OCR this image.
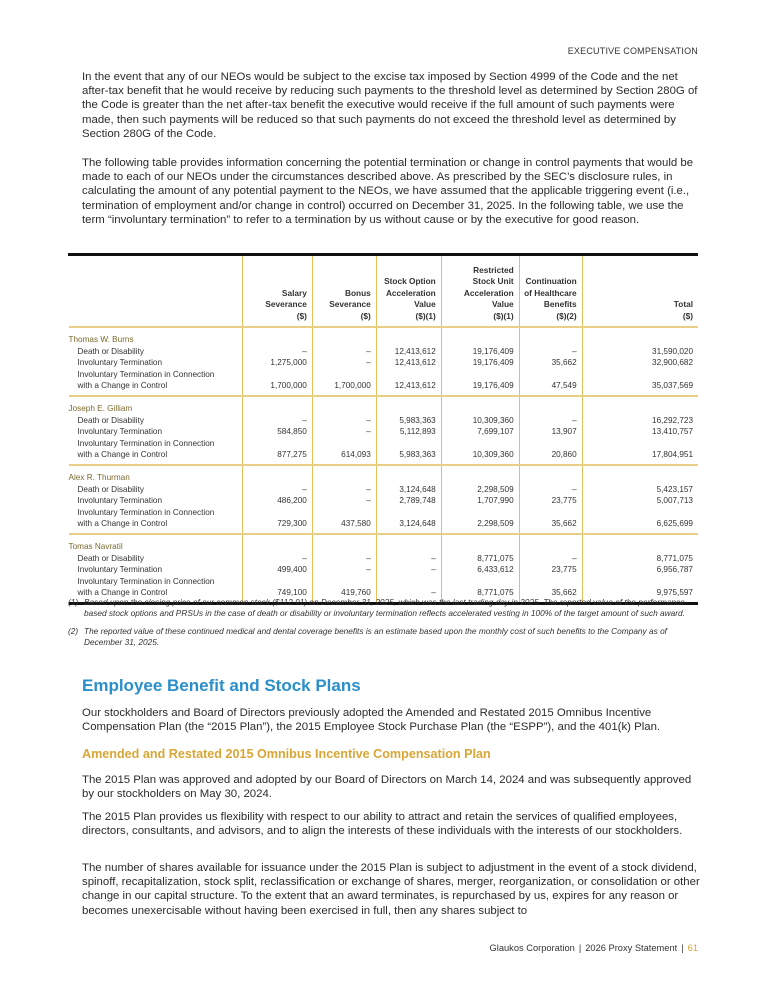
EXECUTIVE COMPENSATION

In the event that any of our NEOs would be subject to the excise tax imposed by Section 4999 of the Code and the net after-tax benefit that he would receive by reducing such payments to the threshold level as determined by Section 280G of the Code is greater than the net after-tax benefit the executive would receive if the full amount of such payments were made, then such payments will be reduced so that such payments do not exceed the threshold level as determined by Section 280G of the Code.

The following table provides information concerning the potential termination or change in control payments that would be made to each of our NEOs under the circumstances described above. As prescribed by the SEC’s disclosure rules, in calculating the amount of any potential payment to the NEOs, we have assumed that the applicable triggering event (i.e., termination of employment and/or change in control) occurred on December 31, 2025. In the following table, we use the term “involuntary termination” to refer to a termination by us without cause or by the executive for good reason.

	Salary
Severance
($)	Bonus
Severance
($)	Stock Option
Acceleration
Value
($)(1)	Restricted
Stock Unit
Acceleration
Value
($)(1)	Continuation
of Healthcare
Benefits
($)(2)	Total
($)
Thomas W. Burns						
Death or Disability	–	–	12,413,612	19,176,409	–	31,590,020
Involuntary Termination	1,275,000	–	12,413,612	19,176,409	35,662	32,900,682
Involuntary Termination in Connection						
with a Change in Control	1,700,000	1,700,000	12,413,612	19,176,409	47,549	35,037,569
Joseph E. Gilliam						
Death or Disability	–	–	5,983,363	10,309,360	–	16,292,723
Involuntary Termination	584,850	–	5,112,893	7,699,107	13,907	13,410,757
Involuntary Termination in Connection						
with a Change in Control	877,275	614,093	5,983,363	10,309,360	20,860	17,804,951
Alex R. Thurman						
Death or Disability	–	–	3,124,648	2,298,509	–	5,423,157
Involuntary Termination	486,200	–	2,789,748	1,707,990	23,775	5,007,713
Involuntary Termination in Connection						
with a Change in Control	729,300	437,580	3,124,648	2,298,509	35,662	6,625,699
Tomas Navratil						
Death or Disability	–	–	–	8,771,075	–	8,771,075
Involuntary Termination	499,400	–	–	6,433,612	23,775	6,956,787
Involuntary Termination in Connection						
with a Change in Control	749,100	419,760	–	8,771,075	35,662	9,975,597
(1) Based upon the closing price of our common stock ($112.91) on December 31, 2025, which was the last trading day in 2025. The reported value of the performance-based stock options and PRSUs in the case of death or disability or involuntary termination reflects accelerated vesting in 100% of the target amount of such award.
(2) The reported value of these continued medical and dental coverage benefits is an estimate based upon the monthly cost of such benefits to the Company as of December 31, 2025.
Employee Benefit and Stock Plans

Our stockholders and Board of Directors previously adopted the Amended and Restated 2015 Omnibus Incentive Compensation Plan (the “2015 Plan”), the 2015 Employee Stock Purchase Plan (the “ESPP”), and the 401(k) Plan.

Amended and Restated 2015 Omnibus Incentive Compensation Plan

The 2015 Plan was approved and adopted by our Board of Directors on March 14, 2024 and was subsequently approved by our stockholders on May 30, 2024.

The 2015 Plan provides us flexibility with respect to our ability to attract and retain the services of qualified employees, directors, consultants, and advisors, and to align the interests of these individuals with the interests of our stockholders.

The number of shares available for issuance under the 2015 Plan is subject to adjustment in the event of a stock dividend, spinoff, recapitalization, stock split, reclassification or exchange of shares, merger, reorganization, or consolidation or other change in our capital structure. To the extent that an award terminates, is repurchased by us, expires for any reason or becomes unexercisable without having been exercised in full, then any shares subject to

Glaukos Corporation | 2026 Proxy Statement | 61
